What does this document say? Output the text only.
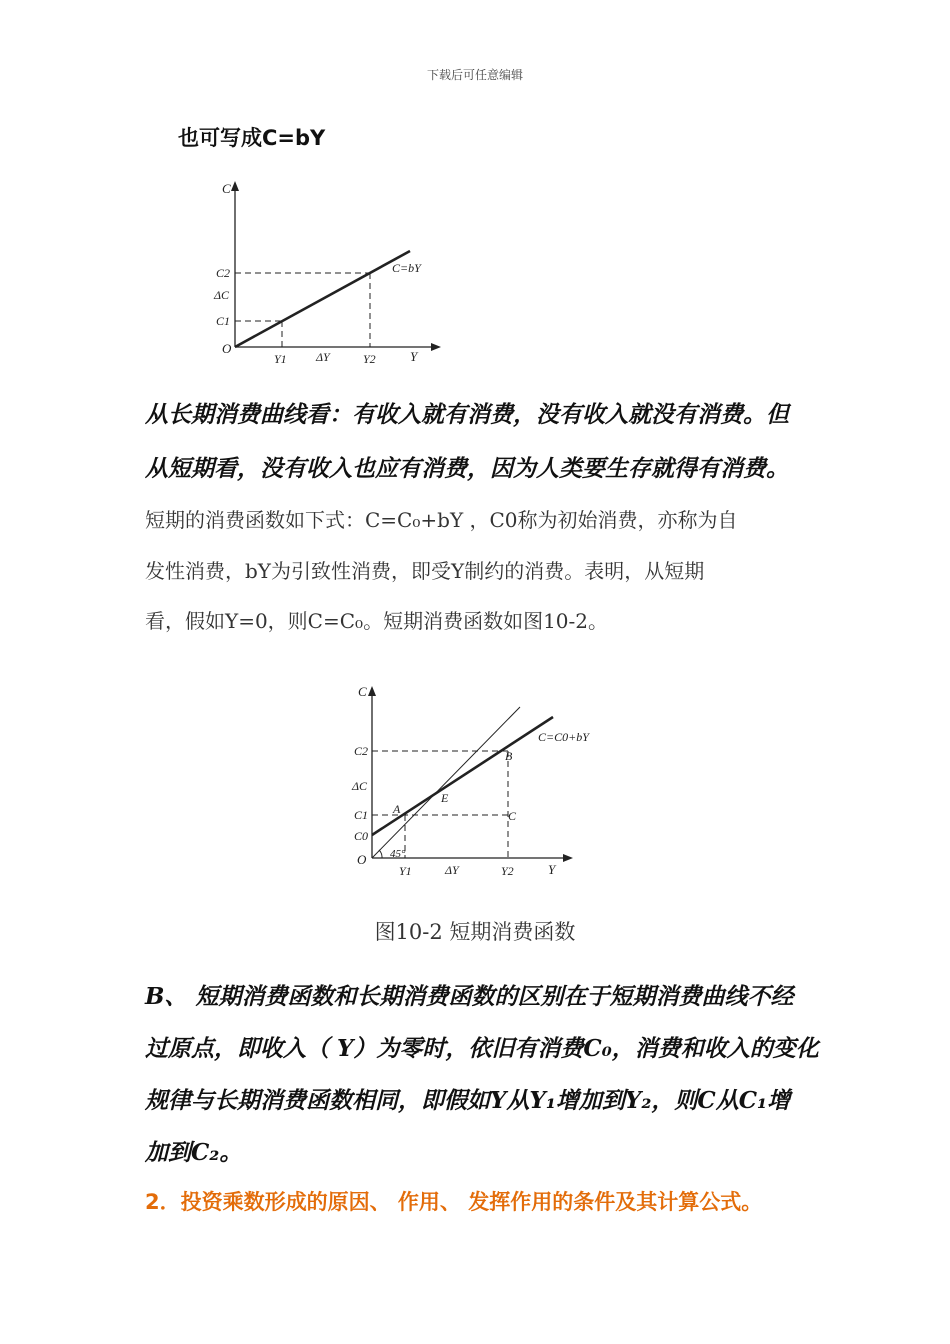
下载后可任意编辑
也可写成C=bY
C
C2
ΔC
C1
O
Y1 ΔY	Y2	Y
C=bY
从长期消费曲线看：有收入就有消费，没有收入就没有消费。但
从短期看，没有收入也应有消费，因为人类要生存就得有消费。
短期的消费函数如下式：C=C₀+bY ，C0称为初始消费，亦称为自
发性消费，bY为引致性消费，即受Y制约的消费。表明，从短期
看，假如Y=0，则C=C₀。短期消费函数如图10-2。
C
C2
ΔC
C1
C0
O 45°
Y1	ΔY	Y2	Y
A
E
B
C
C=C0+bY
图10-2 短期消费函数
B、 短期消费函数和长期消费函数的区别在于短期消费曲线不经
过原点，即收入（ Y）为零时，依旧有消费C₀，消费和收入的变化
规律与长期消费函数相同，即假如Y从Y₁增加到Y₂，则C从C₁增
加到C₂。
2．投资乘数形成的原因、 作用、 发挥作用的条件及其计算公式。
